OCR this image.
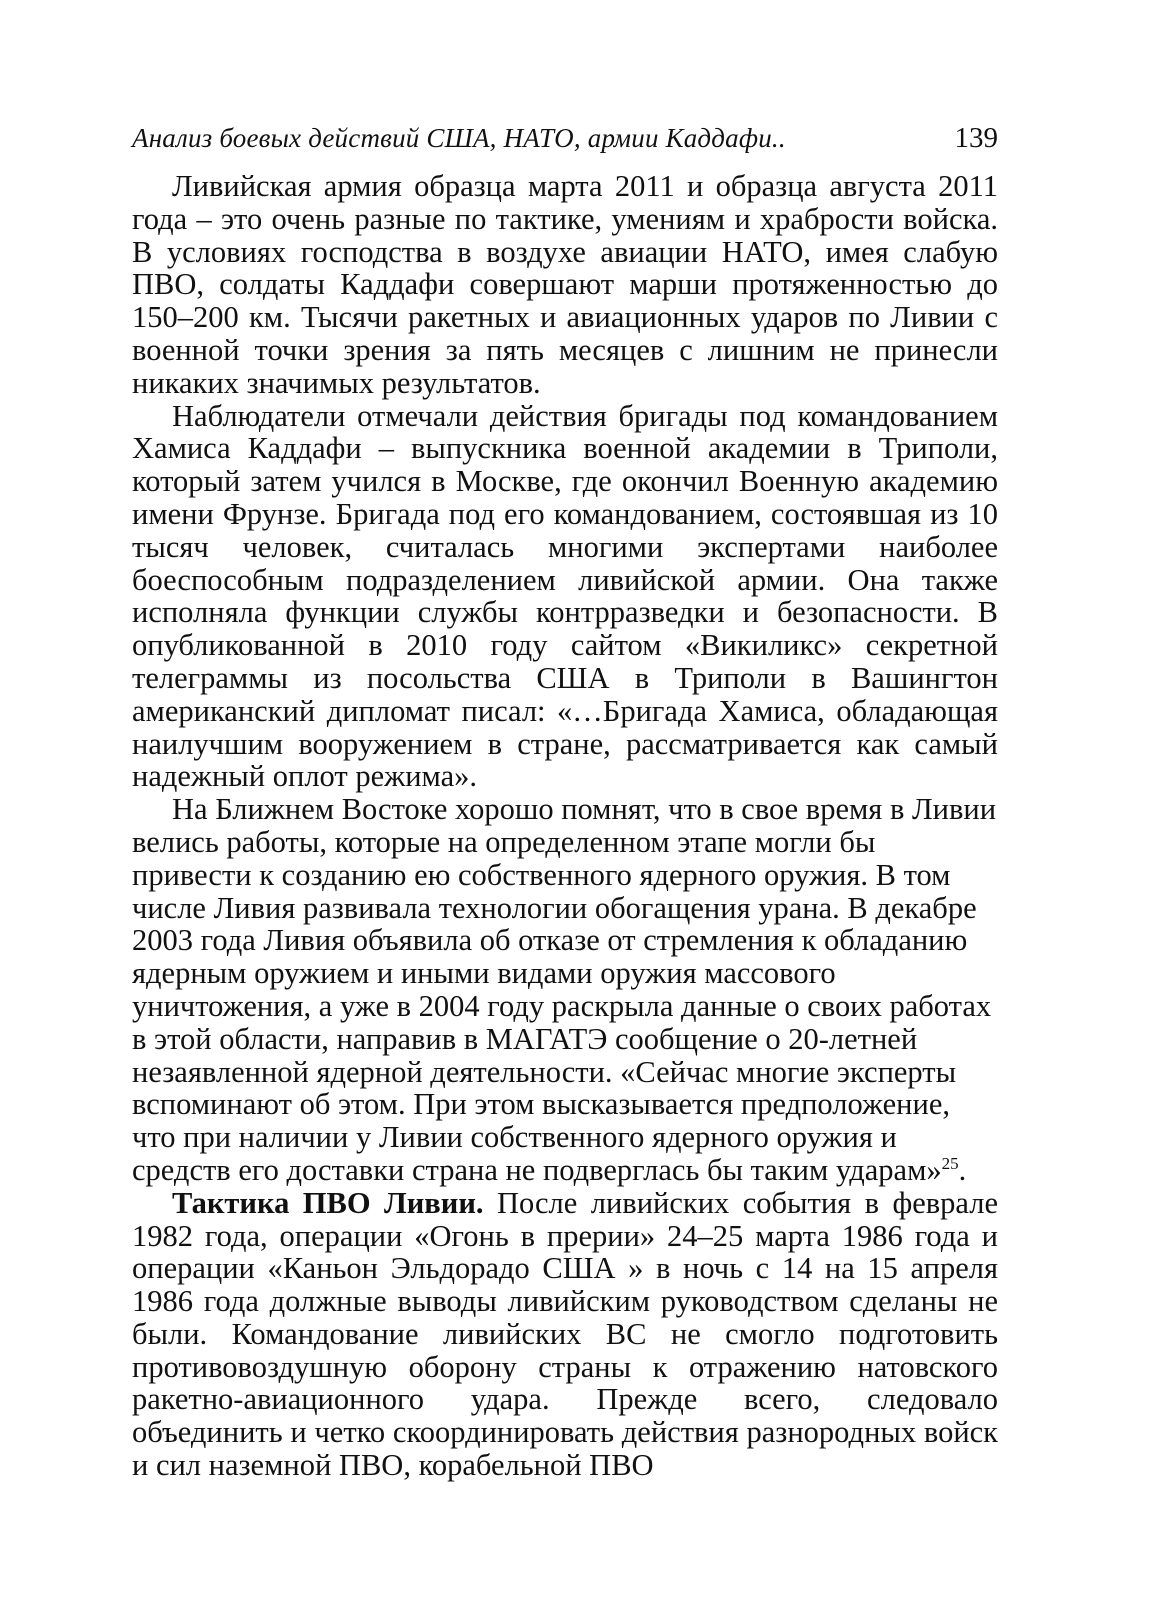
Анализ боевых действий США, НАТО, армии Каддафи..	139

Ливийская армия образца марта 2011 и образца августа 2011 года – это очень разные по тактике, умениям и храбрости войска. В условиях господства в воздухе авиации НАТО, имея слабую ПВО, солдаты Каддафи совершают марши протяженностью до 150–200 км. Тысячи ракетных и авиационных ударов по Ливии с военной точки зрения за пять месяцев с лишним не принесли никаких значимых результатов.

Наблюдатели отмечали действия бригады под командованием Хамиса Каддафи – выпускника военной академии в Триполи, который затем учился в Москве, где окончил Военную академию имени Фрунзе. Бригада под его командованием, состоявшая из 10 тысяч человек, считалась многими экспертами наиболее боеспособным подразделением ливийской армии. Она также исполняла функции службы контрразведки и безопасности. В опубликованной в 2010 году сайтом «Викиликс» секретной телеграммы из посольства США в Триполи в Вашингтон американский дипломат писал: «…Бригада Хамиса, обладающая наилучшим вооружением в стране, рассматривается как самый надежный оплот режима».

На Ближнем Востоке хорошо помнят, что в свое время в Ливии велись работы, которые на определенном этапе могли бы привести к созданию ею собственного ядерного оружия. В том числе Ливия развивала технологии обогащения урана. В декабре 2003 года Ливия объявила об отказе от стремления к обладанию ядерным оружием и иными видами оружия массового уничтожения, а уже в 2004 году раскрыла данные о своих работах в этой области, направив в МАГАТЭ сообщение о 20-летней незаявленной ядерной деятельности. «Сейчас многие эксперты вспоминают об этом. При этом высказывается предположение, что при наличии у Ливии собственного ядерного оружия и средств его доставки страна не подверглась бы таким ударам»$^{25}$.

Тактика ПВО Ливии. После ливийских события в феврале 1982 года, операции «Огонь в прерии» 24–25 марта 1986 года и операции «Каньон Эльдорадо США » в ночь с 14 на 15 апреля 1986 года должные выводы ливийским руководством сделаны не были. Командование ливийских ВС не смогло подготовить противовоздушную оборону страны к отражению натовского ракетно-авиационного удара. Прежде всего, следовало объединить и четко скоординировать действия разнородных войск и сил наземной ПВО, корабельной ПВО
